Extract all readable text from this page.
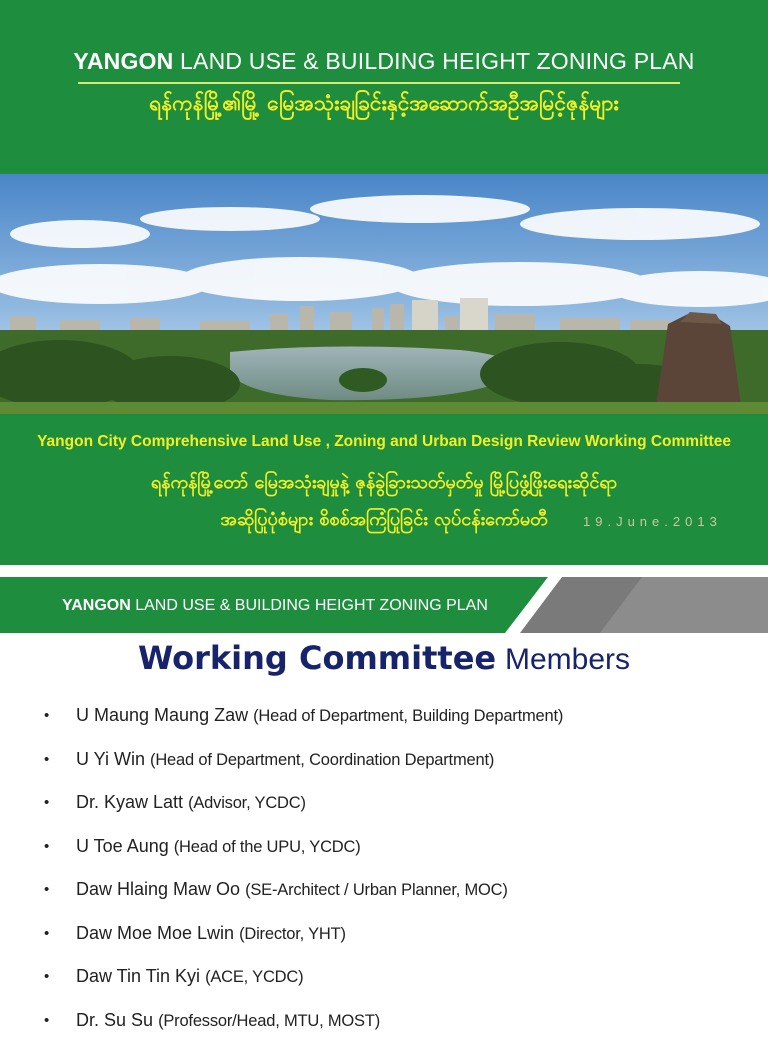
YANGON LAND USE & BUILDING HEIGHT ZONING PLAN
ရန်ကုန်မြို့၏မြို့ မြေအသုံးချခြင်းနှင့်အဆောက်အဦအမြင့်ဇုန်များ
Yangon City Comprehensive Land Use , Zoning and Urban Design Review Working Committee
ရန်ကုန်မြို့တော် မြေအသုံးချမှုနဲ့ ဇုန်ခွဲခြားသတ်မှတ်မှု မြို့ပြဖွံ့ဖြိုးရေးဆိုင်ရာ
အဆိုပြုပုံစံများ စိစစ်အကြံပြုခြင်း လုပ်ငန်းကော်မတီ	19.June.2013
YANGON LAND USE & BUILDING HEIGHT ZONING PLAN
Working Committee Members
• U Maung Maung Zaw (Head of Department, Building Department)
• U Yi Win (Head of Department, Coordination Department)
• Dr. Kyaw Latt (Advisor, YCDC)
• U Toe Aung (Head of the UPU, YCDC)
• Daw Hlaing Maw Oo (SE-Architect / Urban Planner, MOC)
• Daw Moe Moe Lwin (Director, YHT)
• Daw Tin Tin Kyi (ACE, YCDC)
• Dr. Su Su (Professor/Head, MTU, MOST)
